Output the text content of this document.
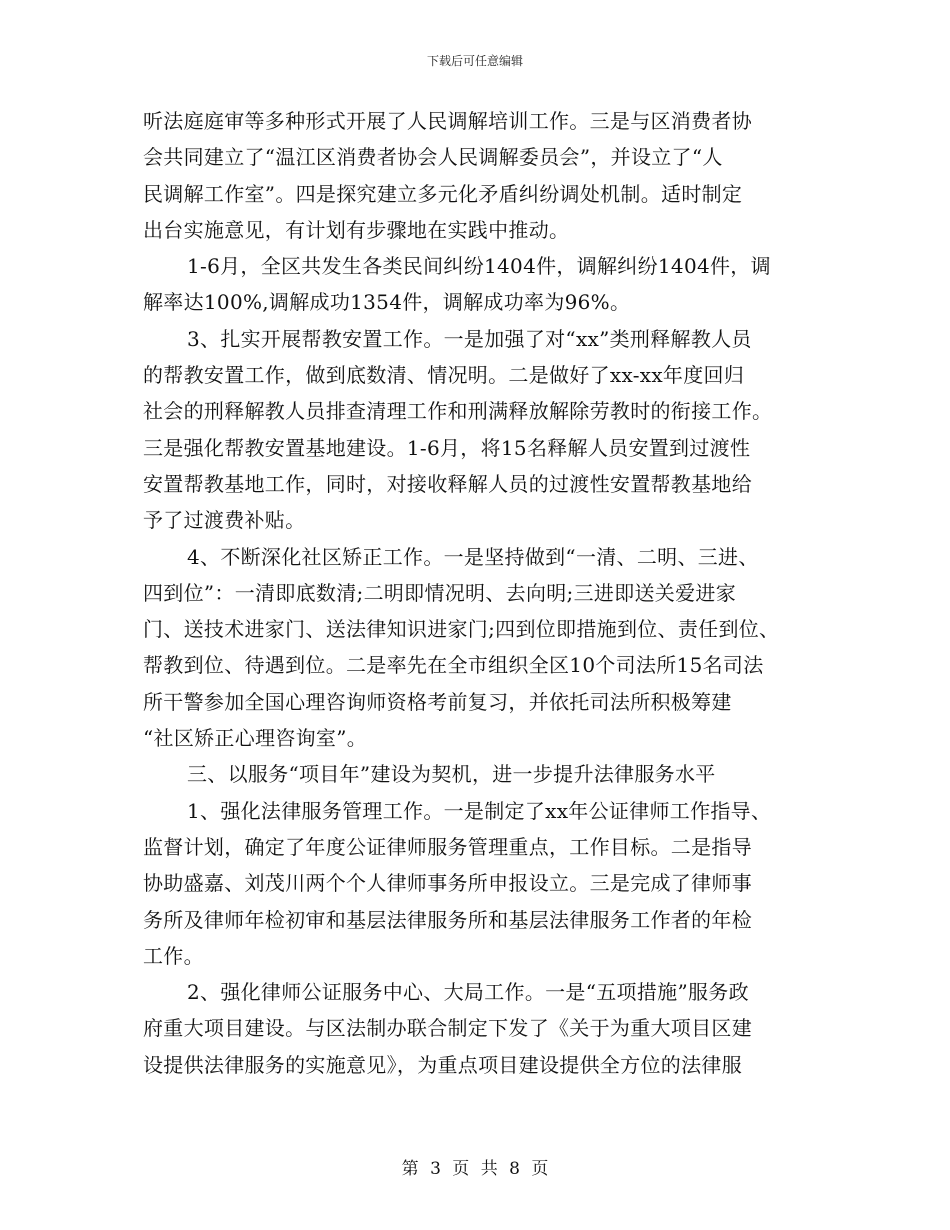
下载后可任意编辑
听法庭庭审等多种形式开展了人民调解培训工作。三是与区消费者协
会共同建立了“温江区消费者协会人民调解委员会”，并设立了“人
民调解工作室”。四是探究建立多元化矛盾纠纷调处机制。适时制定
出台实施意见，有计划有步骤地在实践中推动。
1-6月，全区共发生各类民间纠纷1404件，调解纠纷1404件，调
解率达100%,调解成功1354件，调解成功率为96%。
3、扎实开展帮教安置工作。一是加强了对“xx”类刑释解教人员
的帮教安置工作，做到底数清、情况明。二是做好了xx-xx年度回归
社会的刑释解教人员排查清理工作和刑满释放解除劳教时的衔接工作。
三是强化帮教安置基地建设。1-6月，将15名释解人员安置到过渡性
安置帮教基地工作，同时，对接收释解人员的过渡性安置帮教基地给
予了过渡费补贴。
4、不断深化社区矫正工作。一是坚持做到“一清、二明、三进、
四到位”：一清即底数清;二明即情况明、去向明;三进即送关爱进家
门、送技术进家门、送法律知识进家门;四到位即措施到位、责任到位、
帮教到位、待遇到位。二是率先在全市组织全区10个司法所15名司法
所干警参加全国心理咨询师资格考前复习，并依托司法所积极筹建
“社区矫正心理咨询室”。
三、以服务“项目年”建设为契机，进一步提升法律服务水平
1、强化法律服务管理工作。一是制定了xx年公证律师工作指导、
监督计划，确定了年度公证律师服务管理重点，工作目标。二是指导
协助盛嘉、刘茂川两个个人律师事务所申报设立。三是完成了律师事
务所及律师年检初审和基层法律服务所和基层法律服务工作者的年检
工作。
2、强化律师公证服务中心、大局工作。一是“五项措施”服务政
府重大项目建设。与区法制办联合制定下发了《关于为重大项目区建
设提供法律服务的实施意见》，为重点项目建设提供全方位的法律服
第 3 页 共 8 页
